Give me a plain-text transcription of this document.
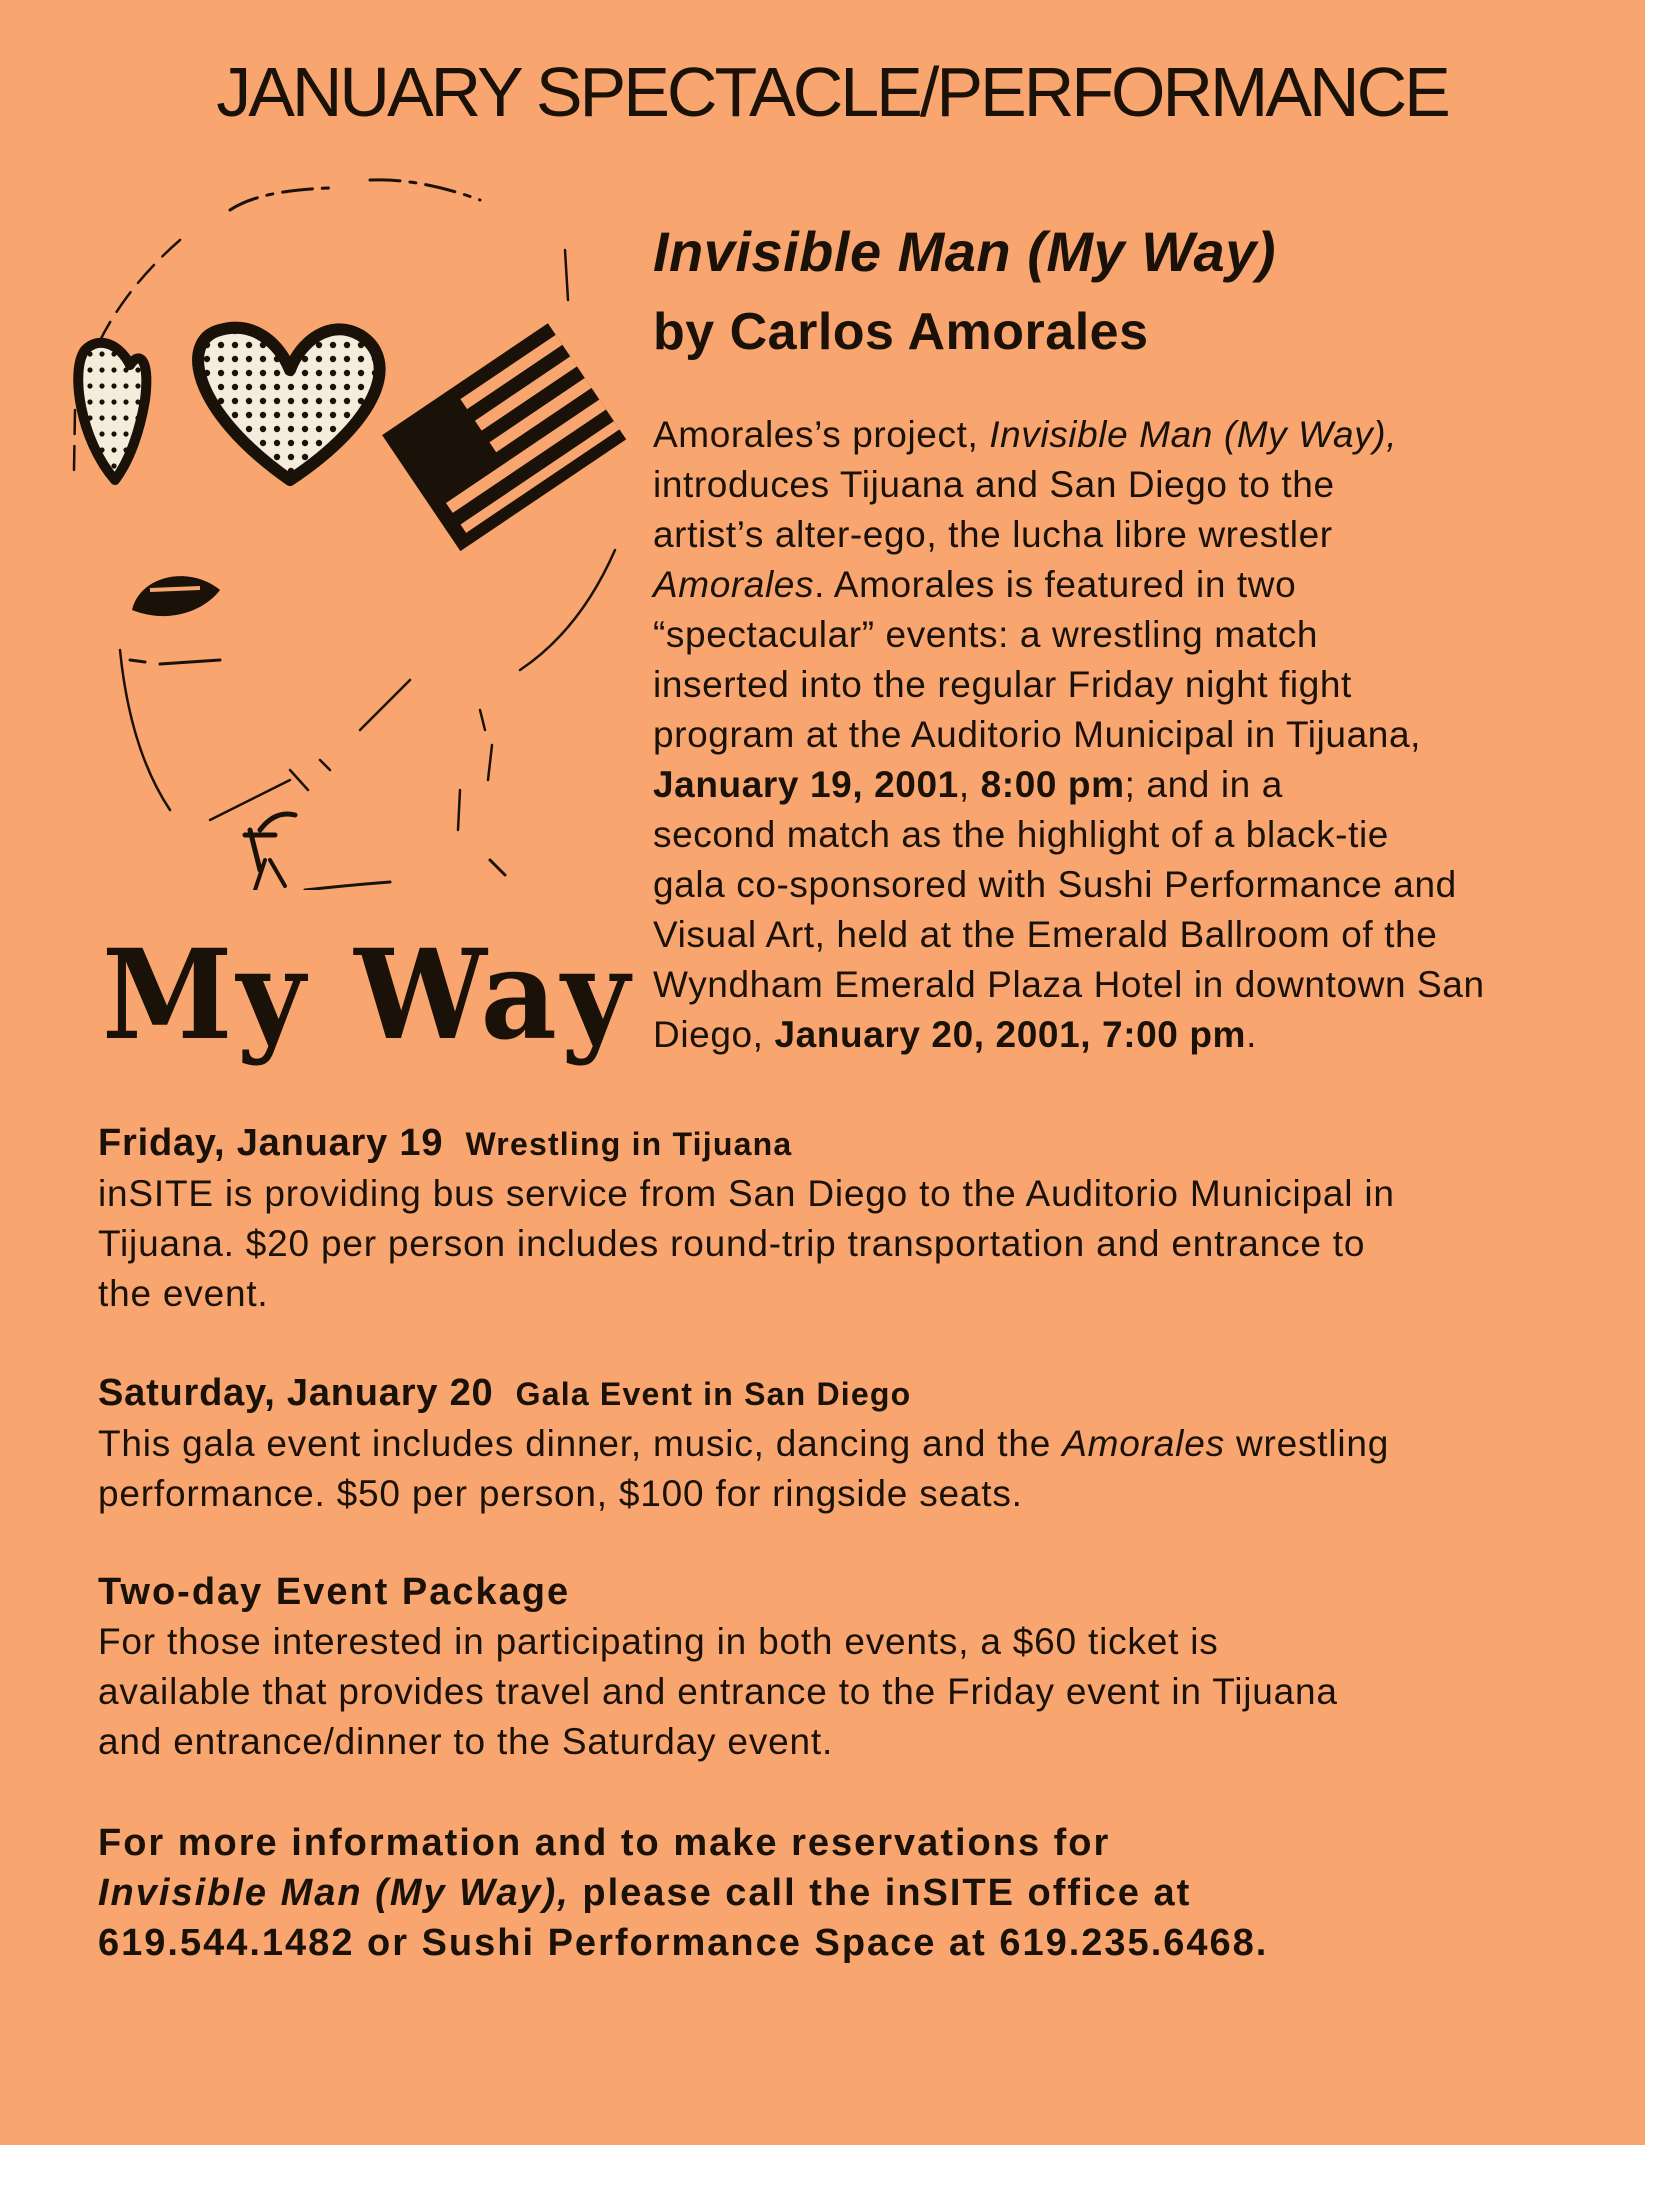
JANUARY SPECTACLE/PERFORMANCE
My Way
Invisible Man (My Way)
by Carlos Amorales
Amorales’s project, Invisible Man (My Way),
introduces Tijuana and San Diego to the
artist’s alter-ego, the lucha libre wrestler
Amorales. Amorales is featured in two
“spectacular” events: a wrestling match
inserted into the regular Friday night fight
program at the Auditorio Municipal in Tijuana,
January 19, 2001, 8:00 pm; and in a
second match as the highlight of a black-tie
gala co-sponsored with Sushi Performance and
Visual Art, held at the Emerald Ballroom of the
Wyndham Emerald Plaza Hotel in downtown San
Diego, January 20, 2001, 7:00 pm.
Friday, January 19 Wrestling in Tijuana
inSITE is providing bus service from San Diego to the Auditorio Municipal in
Tijuana. $20 per person includes round-trip transportation and entrance to
the event.
Saturday, January 20 Gala Event in San Diego
This gala event includes dinner, music, dancing and the Amorales wrestling
performance. $50 per person, $100 for ringside seats.
Two-day Event Package
For those interested in participating in both events, a $60 ticket is
available that provides travel and entrance to the Friday event in Tijuana
and entrance/dinner to the Saturday event.
For more information and to make reservations for
Invisible Man (My Way), please call the inSITE office at
619.544.1482 or Sushi Performance Space at 619.235.6468.
